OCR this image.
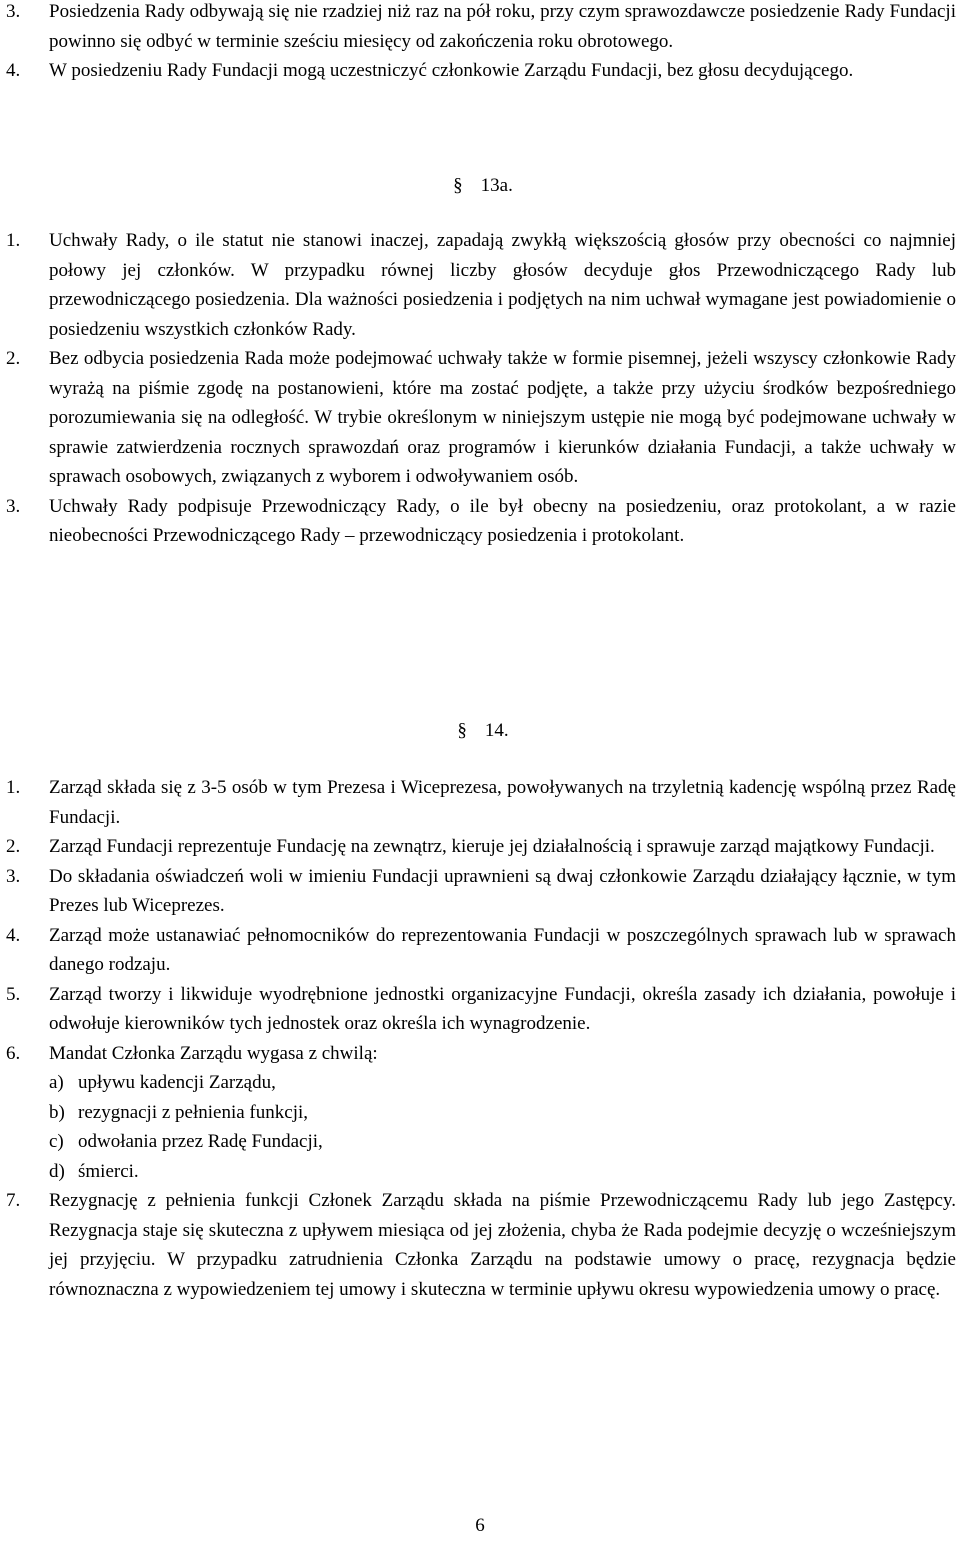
3.	Posiedzenia Rady odbywają się nie rzadziej niż raz na pół roku, przy czym sprawozdawcze posiedzenie Rady Fundacji powinno się odbyć w terminie sześciu miesięcy od zakończenia roku obrotowego.
4.	W posiedzeniu Rady Fundacji mogą uczestniczyć członkowie Zarządu Fundacji, bez głosu decydującego.
§ 13a.
1.	Uchwały Rady, o ile statut nie stanowi inaczej, zapadają zwykłą większością głosów przy obecności co najmniej połowy jej członków. W przypadku równej liczby głosów decyduje głos Przewodniczącego Rady lub przewodniczącego posiedzenia. Dla ważności posiedzenia i podjętych na nim uchwał wymagane jest powiadomienie o posiedzeniu wszystkich członków Rady.
2.	Bez odbycia posiedzenia Rada może podejmować uchwały także w formie pisemnej, jeżeli wszyscy członkowie Rady wyrażą na piśmie zgodę na postanowieni, które ma zostać podjęte, a także przy użyciu środków bezpośredniego porozumiewania się na odległość. W trybie określonym w niniejszym ustępie nie mogą być podejmowane uchwały w sprawie zatwierdzenia rocznych sprawozdań oraz programów i kierunków działania Fundacji, a także uchwały w sprawach osobowych, związanych z wyborem i odwoływaniem osób.
3.	Uchwały Rady podpisuje Przewodniczący Rady, o ile był obecny na posiedzeniu, oraz protokolant, a w razie nieobecności Przewodniczącego Rady – przewodniczący posiedzenia i protokolant.
§ 14.
1.	Zarząd składa się z 3-5 osób w tym Prezesa i Wiceprezesa, powoływanych na trzyletnią kadencję wspólną przez Radę Fundacji.
2.	Zarząd Fundacji reprezentuje Fundację na zewnątrz, kieruje jej działalnością i sprawuje zarząd majątkowy Fundacji.
3.	Do składania oświadczeń woli w imieniu Fundacji uprawnieni są dwaj członkowie Zarządu działający łącznie, w tym Prezes lub Wiceprezes.
4.	Zarząd może ustanawiać pełnomocników do reprezentowania Fundacji w poszczególnych sprawach lub w sprawach danego rodzaju.
5.	Zarząd tworzy i likwiduje wyodrębnione jednostki organizacyjne Fundacji, określa zasady ich działania, powołuje i odwołuje kierowników tych jednostek oraz określa ich wynagrodzenie.
6.	Mandat Członka Zarządu wygasa z chwilą:
a) upływu kadencji Zarządu,
b) rezygnacji z pełnienia funkcji,
c) odwołania przez Radę Fundacji,
d) śmierci.
7.	Rezygnację z pełnienia funkcji Członek Zarządu składa na piśmie Przewodniczącemu Rady lub jego Zastępcy. Rezygnacja staje się skuteczna z upływem miesiąca od jej złożenia, chyba że Rada podejmie decyzję o wcześniejszym jej przyjęciu. W przypadku zatrudnienia Członka Zarządu na podstawie umowy o pracę, rezygnacja będzie równoznaczna z wypowiedzeniem tej umowy i skuteczna w terminie upływu okresu wypowiedzenia umowy o pracę.
6
